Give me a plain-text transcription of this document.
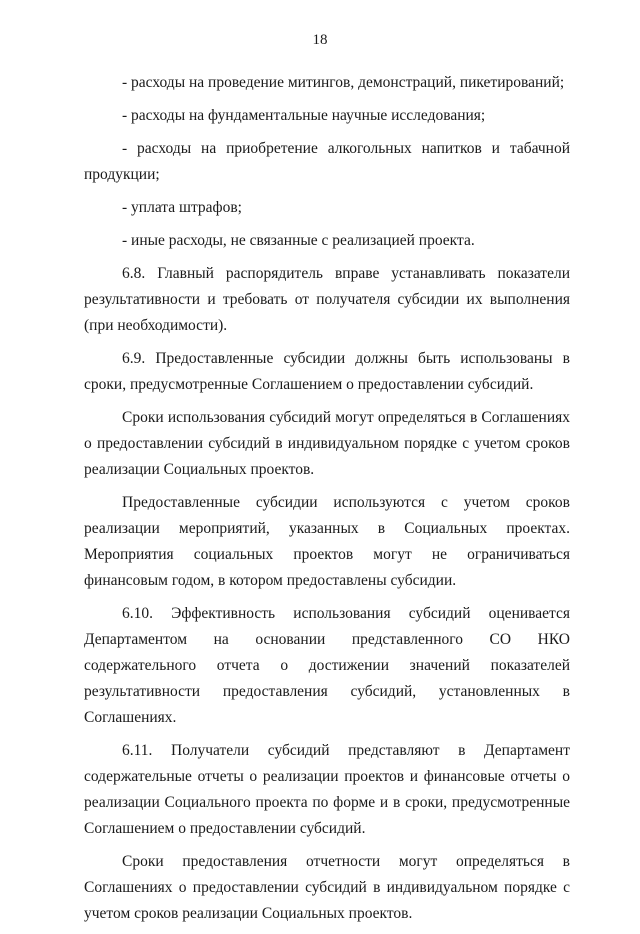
18

- расходы на проведение митингов, демонстраций, пикетирований;

- расходы на фундаментальные научные исследования;

- расходы на приобретение алкогольных напитков и табачной продукции;

- уплата штрафов;

- иные расходы, не связанные с реализацией проекта.

6.8. Главный распорядитель вправе устанавливать показатели результативности и требовать от получателя субсидии их выполнения (при необходимости).

6.9. Предоставленные субсидии должны быть использованы в сроки, предусмотренные Соглашением о предоставлении субсидий.

Сроки использования субсидий могут определяться в Соглашениях о предоставлении субсидий в индивидуальном порядке с учетом сроков реализации Социальных проектов.

Предоставленные субсидии используются с учетом сроков реализации мероприятий, указанных в Социальных проектах. Мероприятия социальных проектов могут не ограничиваться финансовым годом, в котором предоставлены субсидии.

6.10. Эффективность использования субсидий оценивается Департаментом на основании представленного СО НКО содержательного отчета о достижении значений показателей результативности предоставления субсидий, установленных в Соглашениях.

6.11. Получатели субсидий представляют в Департамент содержательные отчеты о реализации проектов и финансовые отчеты о реализации Социального проекта по форме и в сроки, предусмотренные Соглашением о предоставлении субсидий.

Сроки предоставления отчетности могут определяться в Соглашениях о предоставлении субсидий в индивидуальном порядке с учетом сроков реализации Социальных проектов.
